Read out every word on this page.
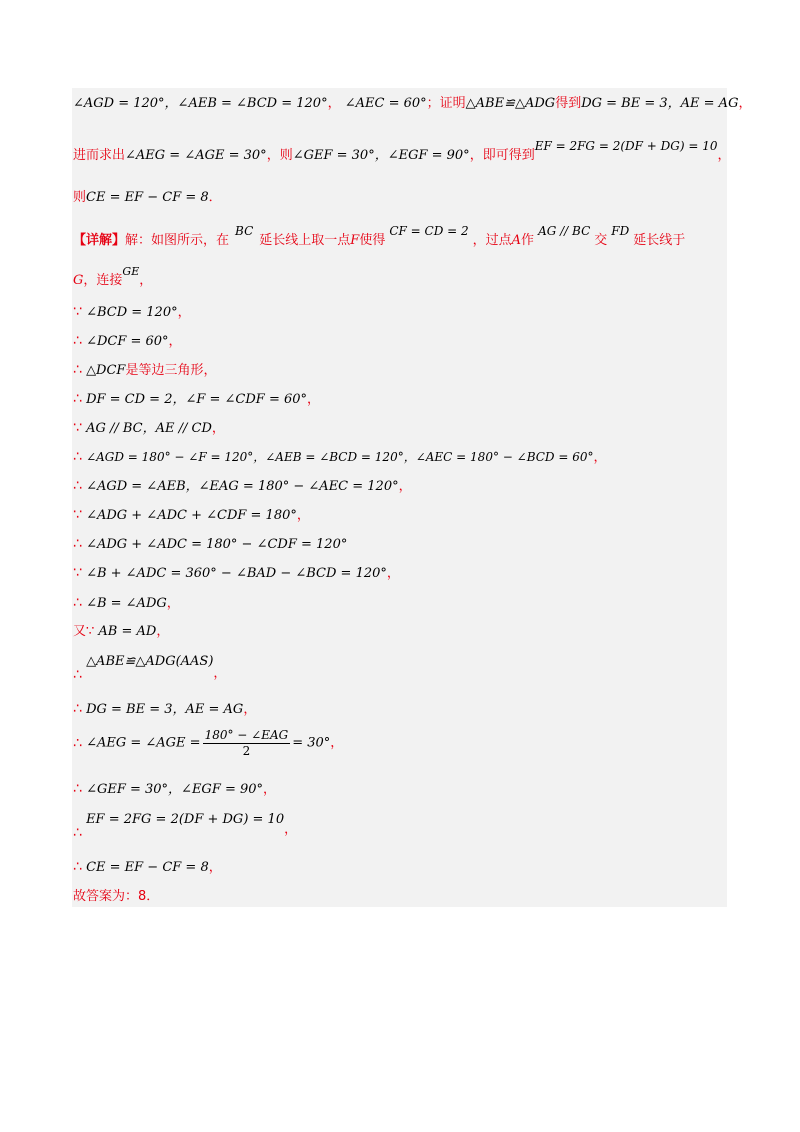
∠AGD = 120°，∠AEB = ∠BCD = 120°， ∠AEC = 60°；证明△ABE≌△ADG得到DG = BE = 3，AE = AG，
进而求出∠AEG = ∠AGE = 30°，则∠GEF = 30°，∠EGF = 90°，即可得到EF = 2FG = 2(DF + DG) = 10，
则CE = EF − CF = 8．
【详解】解：如图所示，在BC延长线上取一点F使得CF = CD = 2，过点A作AG // BC交FD延长线于
G，连接$^{GE}$，
∵ ∠BCD = 120°，
∴ ∠DCF = 60°，
∴ △DCF是等边三角形，
∴ DF = CD = 2，∠F = ∠CDF = 60°，
∵ AG // BC，AE // CD，
∴ ∠AGD = 180° − ∠F = 120°，∠AEB = ∠BCD = 120°，∠AEC = 180° − ∠BCD = 60°，
∴ ∠AGD = ∠AEB，∠EAG = 180° − ∠AEC = 120°，
∵ ∠ADG + ∠ADC + ∠CDF = 180°，
∴ ∠ADG + ∠ADC = 180° − ∠CDF = 120°
∵ ∠B + ∠ADC = 360° − ∠BAD − ∠BCD = 120°，
∴ ∠B = ∠ADG，
又∵ AB = AD，
∴ △ABE≌△ADG(AAS)，
∴ DG = BE = 3，AE = AG，
∴ ∠AEG = ∠AGE = $\frac{\text{180° − ∠EAG}}{2} = 30^\circ$，
∴ ∠GEF = 30°，∠EGF = 90°，
∴ EF = 2FG = 2(DF + DG) = 10，
∴ CE = EF − CF = 8，
故答案为：8．
